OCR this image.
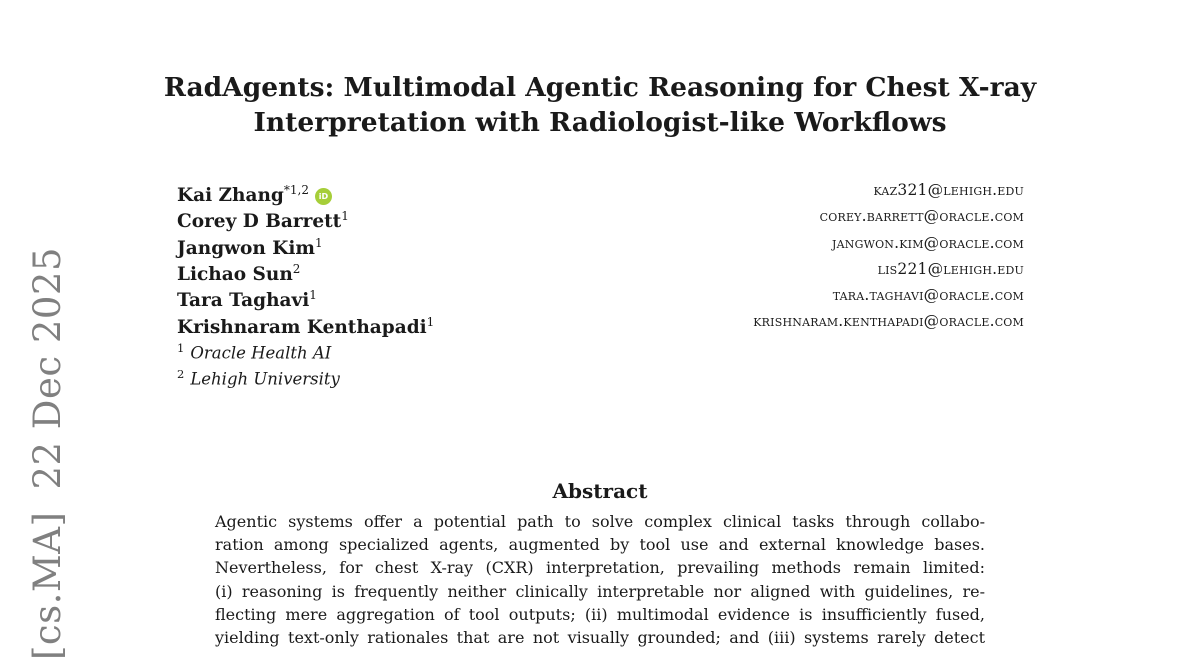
RadAgents: Multimodal Agentic Reasoning for Chest X-ray
Interpretation with Radiologist-like Workflows
Kai Zhang$^{*1,2}$ iD	kaz321@lehigh.edu
Corey D Barrett$^1$	corey.barrett@oracle.com
Jangwon Kim$^1$	jangwon.kim@oracle.com
Lichao Sun$^2$	lis221@lehigh.edu
Tara Taghavi$^1$	tara.taghavi@oracle.com
Krishnaram Kenthapadi$^1$	krishnaram.kenthapadi@oracle.com
$^1$ Oracle Health AI
$^2$ Lehigh University
Abstract
Agentic systems offer a potential path to solve complex clinical tasks through collabo-
ration among specialized agents, augmented by tool use and external knowledge bases.
Nevertheless, for chest X-ray (CXR) interpretation, prevailing methods remain limited:
(i) reasoning is frequently neither clinically interpretable nor aligned with guidelines, re-
flecting mere aggregation of tool outputs; (ii) multimodal evidence is insufficiently fused,
yielding text-only rationales that are not visually grounded; and (iii) systems rarely detect
[cs.MA]22 Dec 2025
